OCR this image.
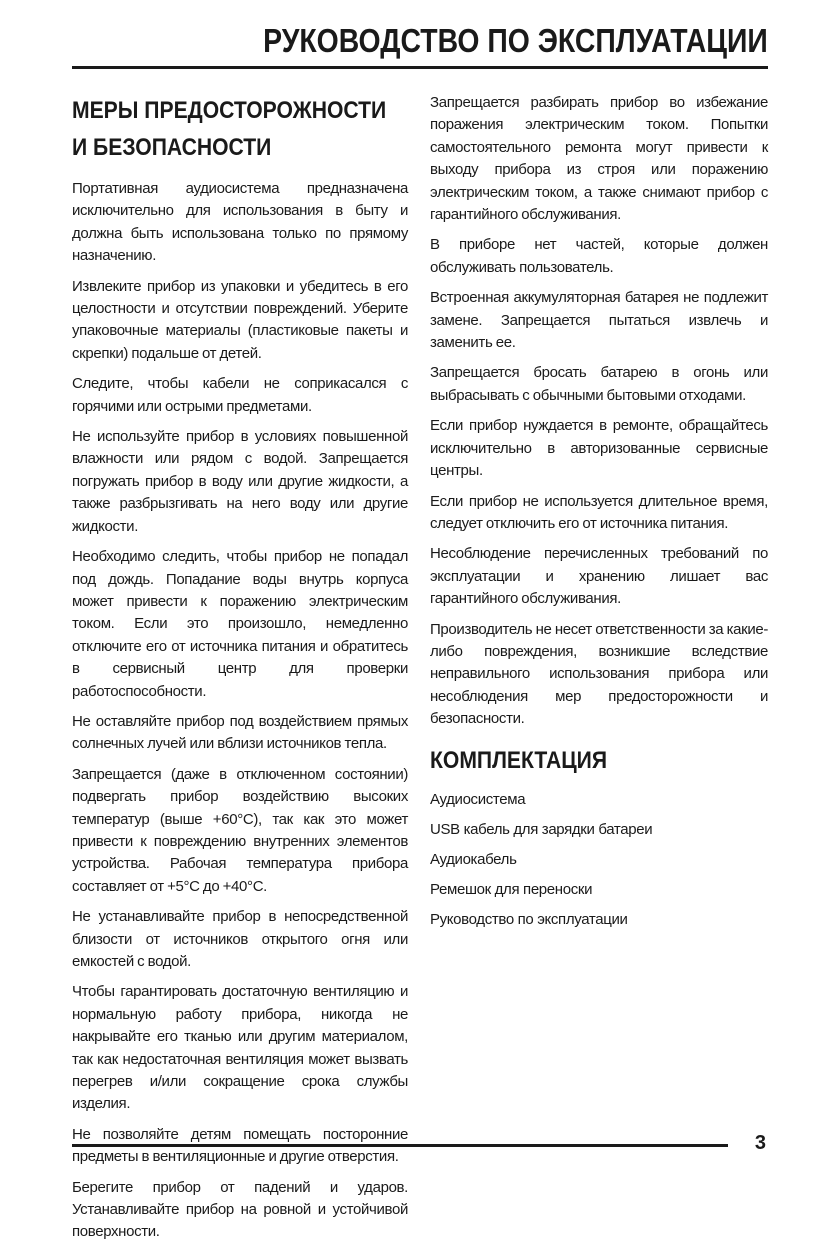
РУКОВОДСТВО ПО ЭКСПЛУАТАЦИИ
МЕРЫ ПРЕДОСТОРОЖНОСТИ
И БЕЗОПАСНОСТИ

Портативная аудиосистема предназначена исключительно для использования в быту и должна быть использована только по прямому назначению.

Извлеките прибор из упаковки и убедитесь в его целостности и отсутствии повреждений. Уберите упаковочные материалы (пластиковые пакеты и скрепки) подальше от детей.

Следите, чтобы кабели не соприкасался с горячими или острыми предметами.

Не используйте прибор в условиях повышенной влажности или рядом с водой. Запрещается погружать прибор в воду или другие жидкости, а также разбрызгивать на него воду или другие жидкости.

Необходимо следить, чтобы прибор не попадал под дождь. Попадание воды внутрь корпуса может привести к поражению электрическим током. Если это произошло, немедленно отключите его от источника питания и обратитесь в сервисный центр для проверки работоспособности.

Не оставляйте прибор под воздействием прямых солнечных лучей или вблизи источников тепла.

Запрещается (даже в отключенном состоянии) подвергать прибор воздействию высоких температур (выше +60°С), так как это может привести к повреждению внутренних элементов устройства. Рабочая температура прибора составляет от +5°С до +40°С.

Не устанавливайте прибор в непосредственной близости от источников открытого огня или емкостей с водой.

Чтобы гарантировать достаточную вентиляцию и нормальную работу прибора, никогда не накрывайте его тканью или другим материалом, так как недостаточная вентиляция может вызвать перегрев и/или сокращение срока службы изделия.

Не позволяйте детям помещать посторонние предметы в вентиляционные и другие отверстия.

Берегите прибор от падений и ударов. Устанавливайте прибор на ровной и устойчивой поверхности.

Запрещается разбирать прибор во избежание поражения электрическим током. Попытки самостоятельного ремонта могут привести к выходу прибора из строя или поражению электрическим током, а также снимают прибор с гарантийного обслуживания.

В приборе нет частей, которые должен обслуживать пользователь.

Встроенная аккумуляторная батарея не подлежит замене. Запрещается пытаться извлечь и заменить ее.

Запрещается бросать батарею в огонь или выбрасывать с обычными бытовыми отходами.

Если прибор нуждается в ремонте, обращайтесь исключительно в авторизованные сервисные центры.

Если прибор не используется длительное время, следует отключить его от источника питания.

Несоблюдение перечисленных требований по эксплуатации и хранению лишает вас гарантийного обслуживания.

Производитель не несет ответственности за какие-либо повреждения, возникшие вследствие неправильного использования прибора или несоблюдения мер предосторожности и безопасности.

КОМПЛЕКТАЦИЯ
Аудиосистема
USB кабель для зарядки батареи
Аудиокабель
Ремешок для переноски
Руководство по эксплуатации
3
